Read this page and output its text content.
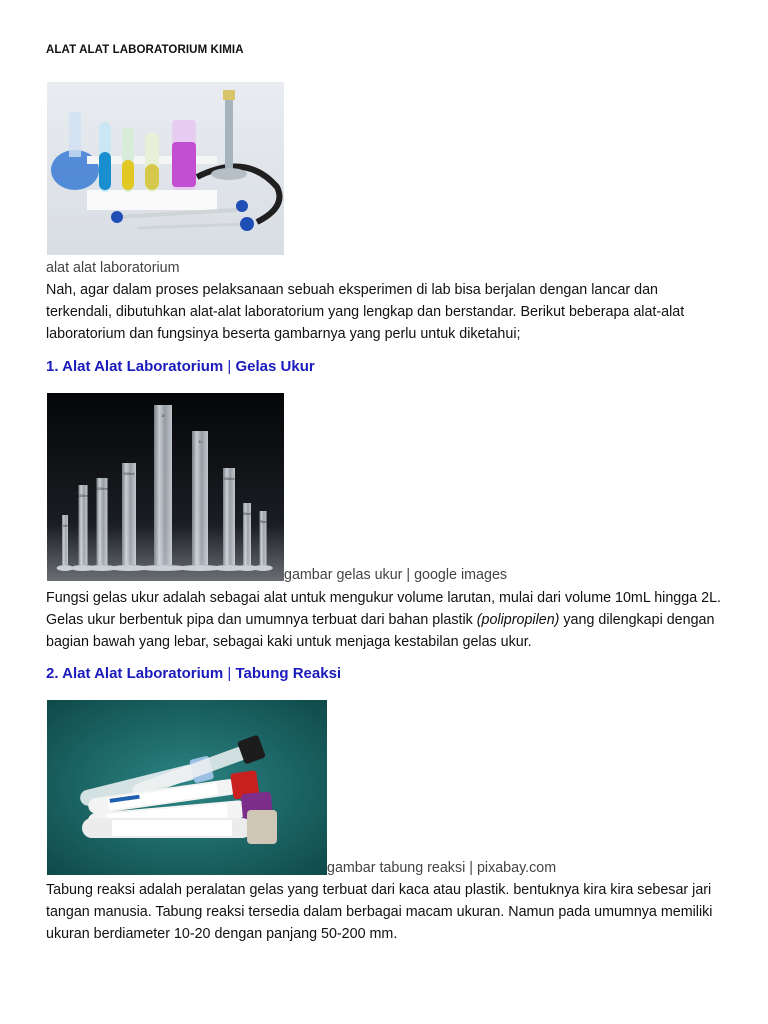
ALAT ALAT LABORATORIUM KIMIA
alat alat laboratorium
Nah, agar dalam proses pelaksanaan sebuah eksperimen di lab bisa berjalan dengan lancar dan terkendali, dibutuhkan alat-alat laboratorium yang lengkap dan berstandar. Berikut beberapa alat-alat laboratorium dan fungsinya beserta gambarnya yang perlu untuk diketahui;
1. Alat Alat Laboratorium | Gelas Ukur
10ml
100ml
200ml
500ml
2l
1l
250ml
50ml
25ml
gambar gelas ukur | google images
Fungsi gelas ukur adalah sebagai alat untuk mengukur volume larutan, mulai dari volume 10mL hingga 2L. Gelas ukur berbentuk pipa dan umumnya terbuat dari bahan plastik (polipropilen) yang dilengkapi dengan bagian bawah yang lebar, sebagai kaki untuk menjaga kestabilan gelas ukur.
2. Alat Alat Laboratorium | Tabung Reaksi
gambar tabung reaksi | pixabay.com
Tabung reaksi adalah peralatan gelas yang terbuat dari kaca atau plastik. bentuknya kira kira sebesar jari tangan manusia. Tabung reaksi tersedia dalam berbagai macam ukuran. Namun pada umumnya memiliki ukuran berdiameter 10-20 dengan panjang 50-200 mm.
